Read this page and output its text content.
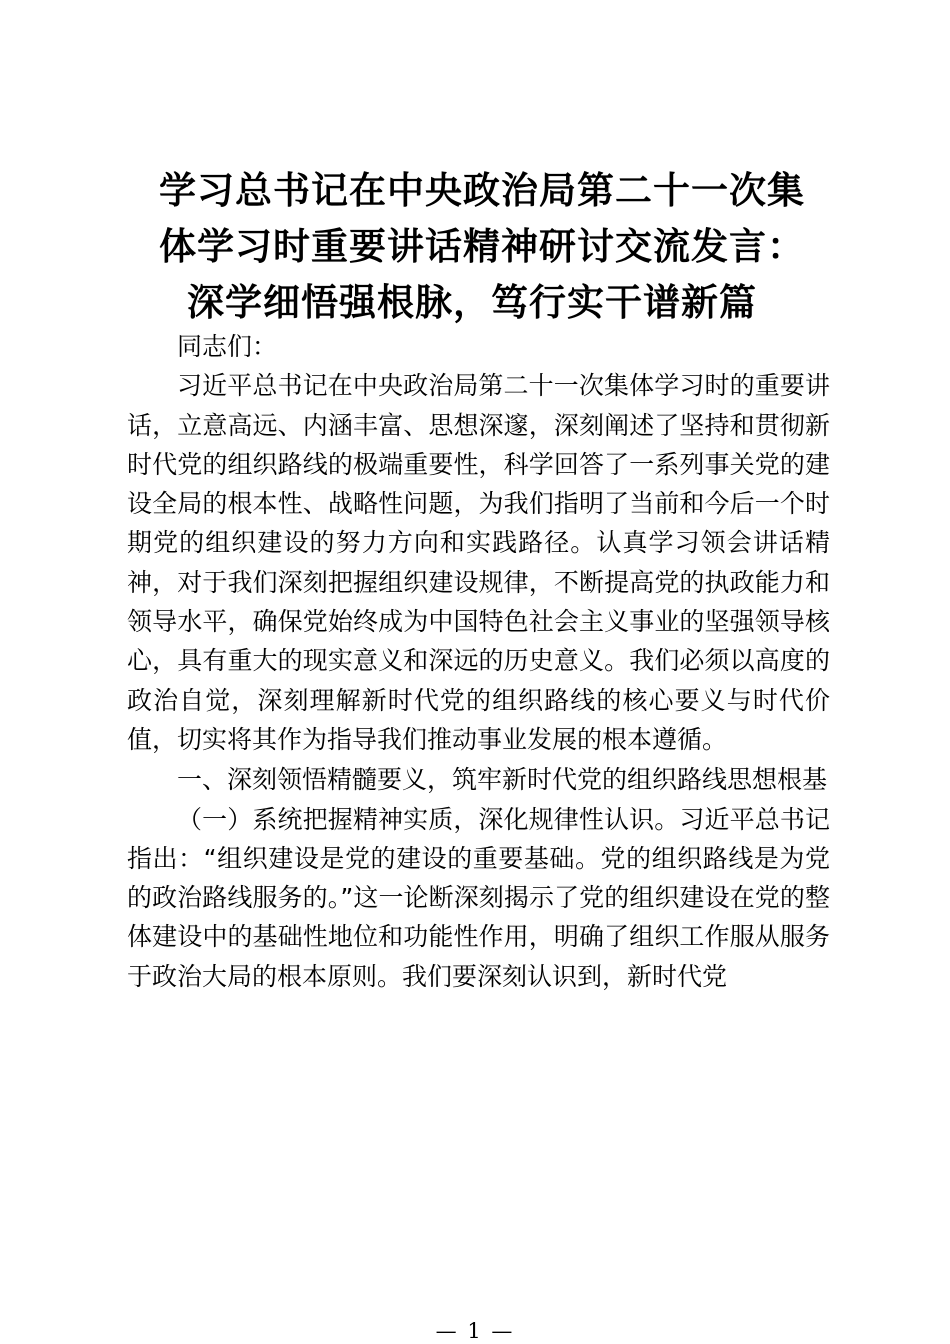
学习总书记在中央政治局第二十一次集
体学习时重要讲话精神研讨交流发言：
深学细悟强根脉，笃行实干谱新篇

同志们：

习近平总书记在中央政治局第二十一次集体学习时的重要讲话，立意高远、内涵丰富、思想深邃，深刻阐述了坚持和贯彻新时代党的组织路线的极端重要性，科学回答了一系列事关党的建设全局的根本性、战略性问题，为我们指明了当前和今后一个时期党的组织建设的努力方向和实践路径。认真学习领会讲话精神，对于我们深刻把握组织建设规律，不断提高党的执政能力和领导水平，确保党始终成为中国特色社会主义事业的坚强领导核心，具有重大的现实意义和深远的历史意义。我们必须以高度的政治自觉，深刻理解新时代党的组织路线的核心要义与时代价值，切实将其作为指导我们推动事业发展的根本遵循。

一、深刻领悟精髓要义，筑牢新时代党的组织路线思想根基

（一）系统把握精神实质，深化规律性认识。习近平总书记指出：“组织建设是党的建设的重要基础。党的组织路线是为党的政治路线服务的。”这一论断深刻揭示了党的组织建设在党的整体建设中的基础性地位和功能性作用，明确了组织工作服从服务于政治大局的根本原则。我们要深刻认识到，新时代党

— 1 —
